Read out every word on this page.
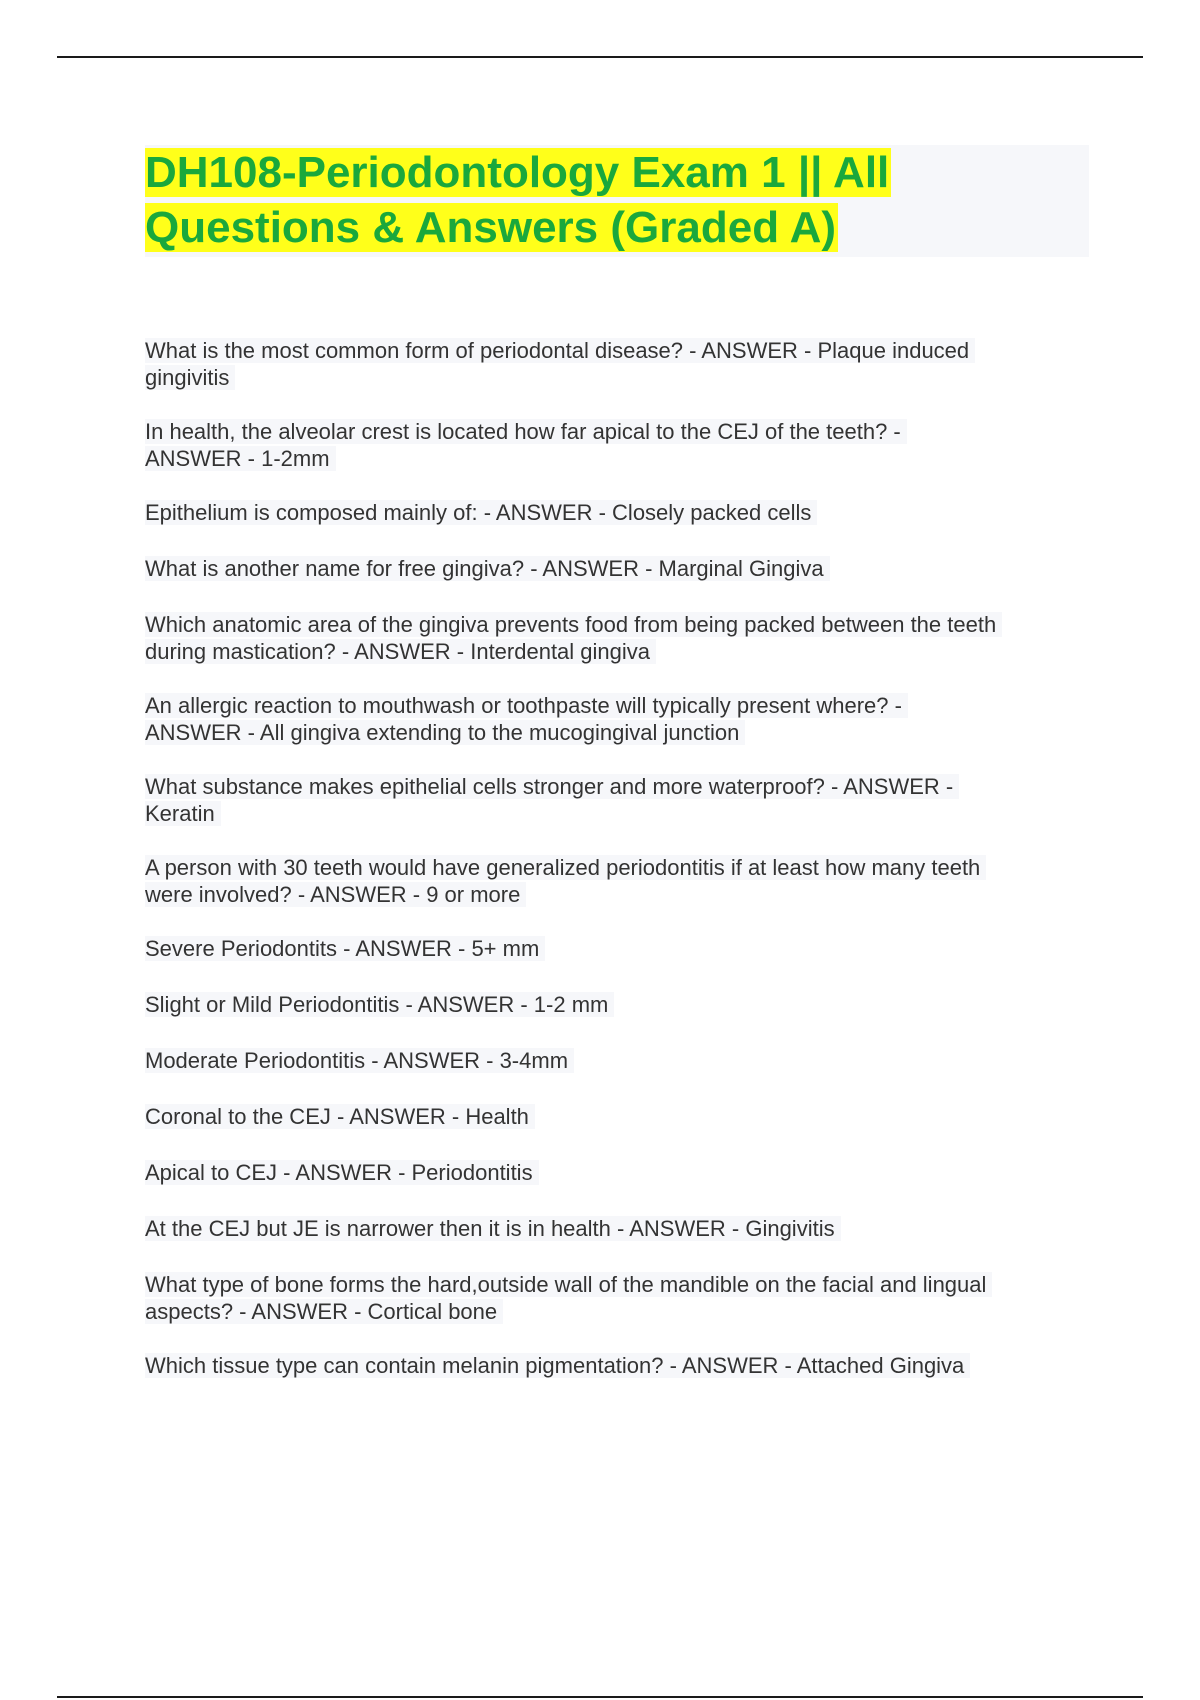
DH108-Periodontology Exam 1 || All
Questions & Answers (Graded A)
What is the most common form of periodontal disease? - ANSWER - Plaque induced
gingivitis
In health, the alveolar crest is located how far apical to the CEJ of the teeth? -
ANSWER - 1-2mm
Epithelium is composed mainly of: - ANSWER - Closely packed cells
What is another name for free gingiva? - ANSWER - Marginal Gingiva
Which anatomic area of the gingiva prevents food from being packed between the teeth
during mastication? - ANSWER - Interdental gingiva
An allergic reaction to mouthwash or toothpaste will typically present where? -
ANSWER - All gingiva extending to the mucogingival junction
What substance makes epithelial cells stronger and more waterproof? - ANSWER -
Keratin
A person with 30 teeth would have generalized periodontitis if at least how many teeth
were involved? - ANSWER - 9 or more
Severe Periodontits - ANSWER - 5+ mm
Slight or Mild Periodontitis - ANSWER - 1-2 mm
Moderate Periodontitis - ANSWER - 3-4mm
Coronal to the CEJ - ANSWER - Health
Apical to CEJ - ANSWER - Periodontitis
At the CEJ but JE is narrower then it is in health - ANSWER - Gingivitis
What type of bone forms the hard,outside wall of the mandible on the facial and lingual
aspects? - ANSWER - Cortical bone
Which tissue type can contain melanin pigmentation? - ANSWER - Attached Gingiva
